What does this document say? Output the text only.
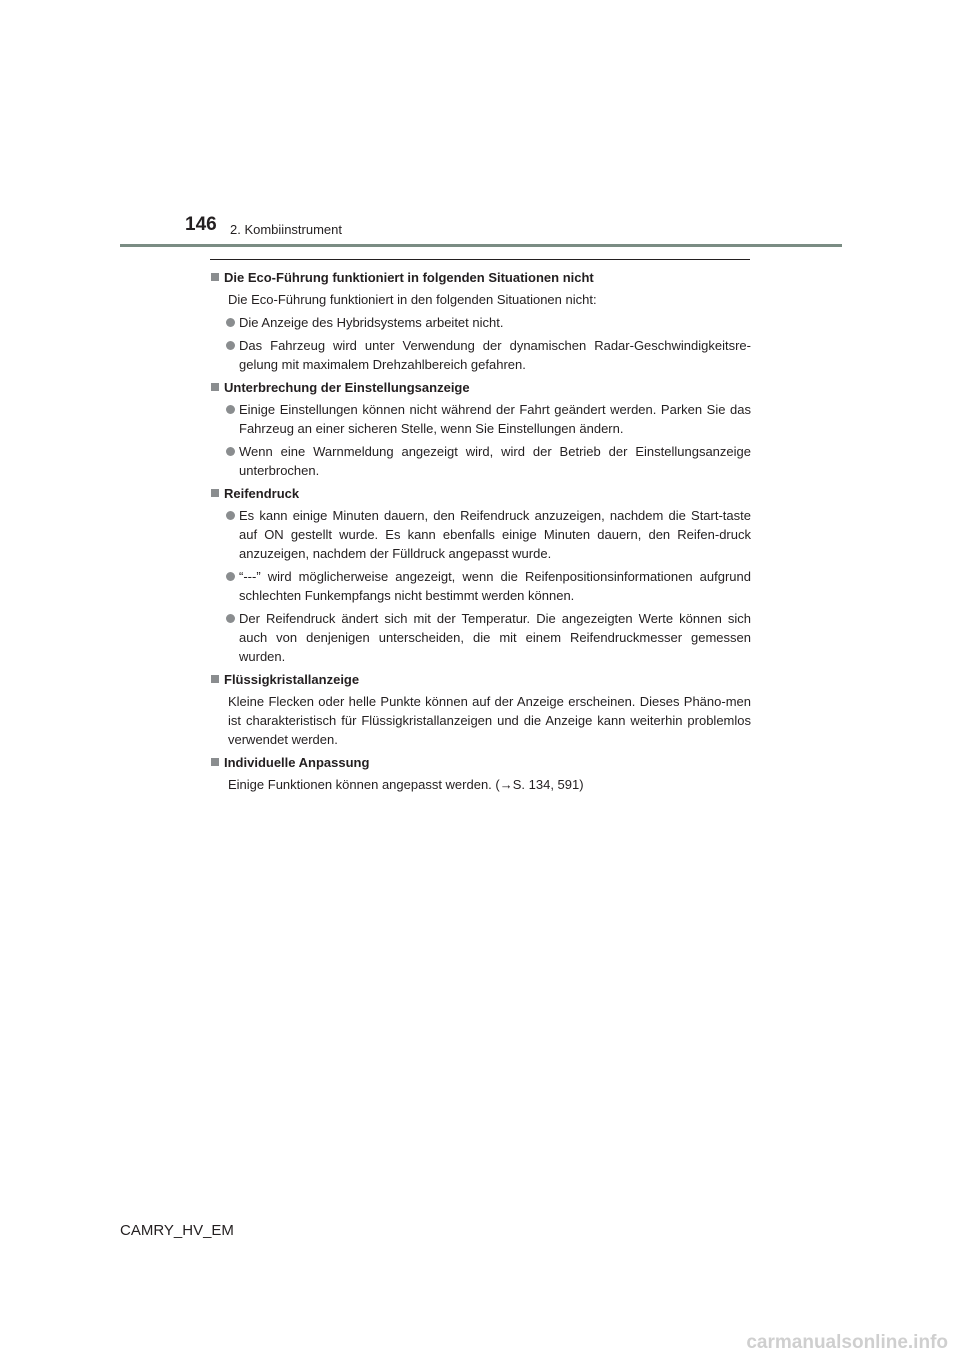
146 2. Kombiinstrument
Die Eco-Führung funktioniert in folgenden Situationen nicht
Die Eco-Führung funktioniert in den folgenden Situationen nicht:
Die Anzeige des Hybridsystems arbeitet nicht.
Das Fahrzeug wird unter Verwendung der dynamischen Radar-Geschwindigkeitsre-gelung mit maximalem Drehzahlbereich gefahren.
Unterbrechung der Einstellungsanzeige
Einige Einstellungen können nicht während der Fahrt geändert werden. Parken Sie das Fahrzeug an einer sicheren Stelle, wenn Sie Einstellungen ändern.
Wenn eine Warnmeldung angezeigt wird, wird der Betrieb der Einstellungsanzeige unterbrochen.
Reifendruck
Es kann einige Minuten dauern, den Reifendruck anzuzeigen, nachdem die Start-taste auf ON gestellt wurde. Es kann ebenfalls einige Minuten dauern, den Reifen-druck anzuzeigen, nachdem der Fülldruck angepasst wurde.
“---” wird möglicherweise angezeigt, wenn die Reifenpositionsinformationen aufgrund schlechten Funkempfangs nicht bestimmt werden können.
Der Reifendruck ändert sich mit der Temperatur. Die angezeigten Werte können sich auch von denjenigen unterscheiden, die mit einem Reifendruckmesser gemessen wurden.
Flüssigkristallanzeige
Kleine Flecken oder helle Punkte können auf der Anzeige erscheinen. Dieses Phäno-men ist charakteristisch für Flüssigkristallanzeigen und die Anzeige kann weiterhin problemlos verwendet werden.
Individuelle Anpassung
Einige Funktionen können angepasst werden. (→S. 134, 591)
CAMRY_HV_EM
carmanualsonline.info
